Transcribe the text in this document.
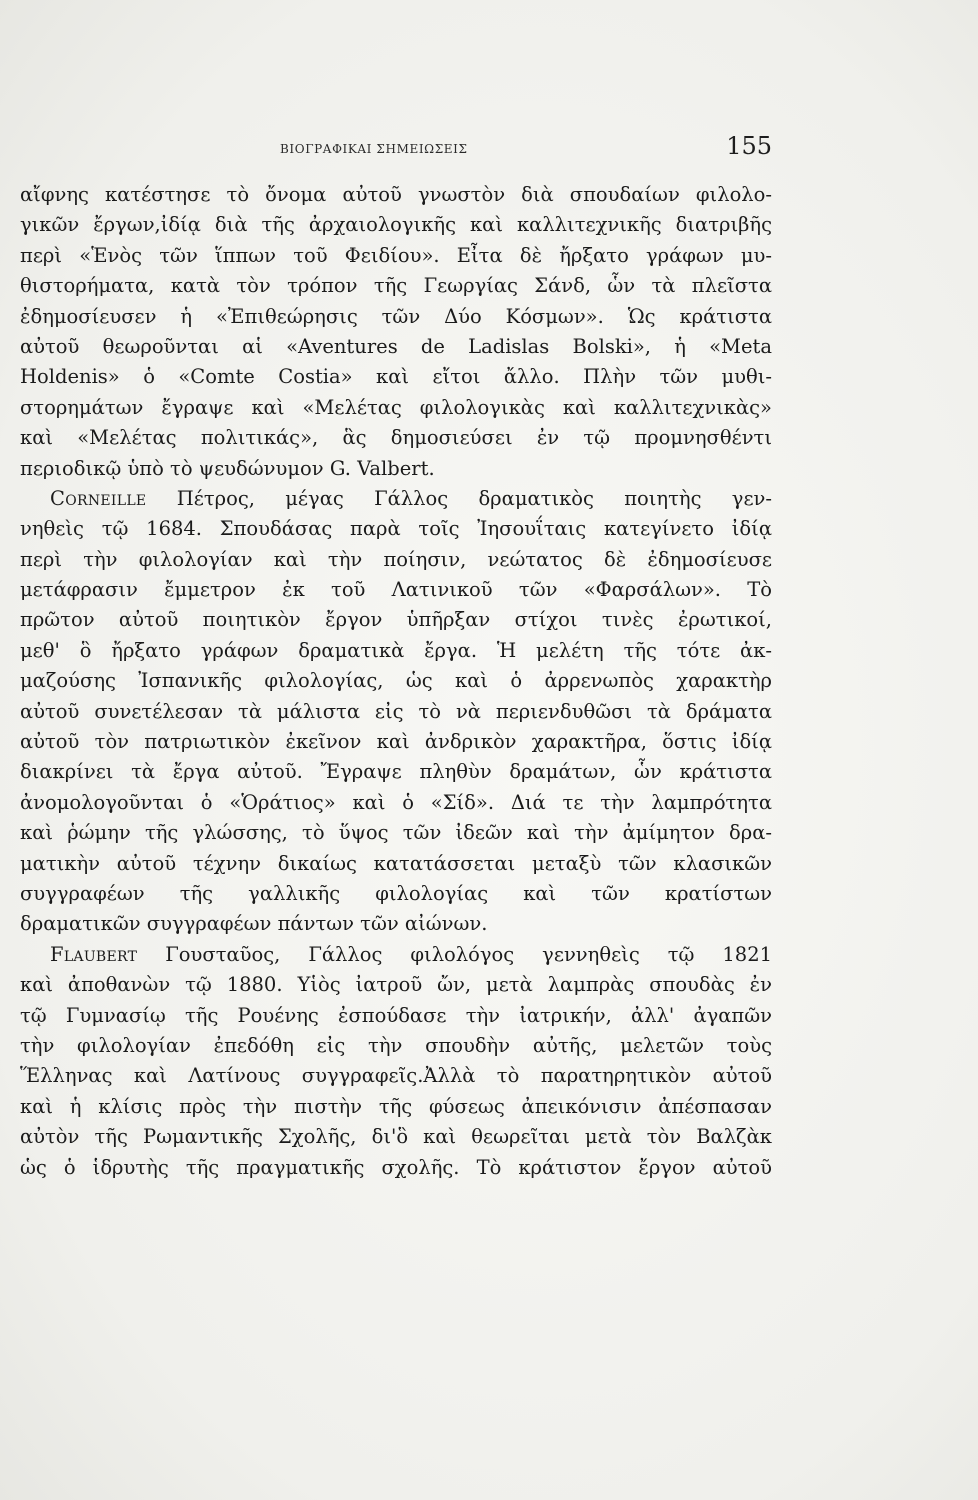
ΒΙΟΓΡΑΦΙΚΑΙ ΣΗΜΕΙΩΣΕΙΣ	155
αἴφνης κατέστησε τὸ ὄνομα αὐτοῦ γνωστὸν διὰ σπουδαίων φιλολο-
γικῶν ἔργων,ἰδίᾳ διὰ τῆς ἀρχαιολογικῆς καὶ καλλιτεχνικῆς διατριβῆς
περὶ «Ἑνὸς τῶν ἵππων τοῦ Φειδίου». Εἶτα δὲ ἤρξατο γράφων μυ-
θιστορήματα, κατὰ τὸν τρόπον τῆς Γεωργίας Σάνδ, ὧν τὰ πλεῖστα
ἐδημοσίευσεν ἡ «Ἐπιθεώρησις τῶν Δύο Κόσμων». Ὡς κράτιστα
αὐτοῦ θεωροῦνται αἱ «Aventures de Ladislas Bolski», ἡ «Meta
Holdenis» ὁ «Comte Costia» καὶ εἴτοι ἄλλο. Πλὴν τῶν μυθι-
στορημάτων ἔγραψε καὶ «Μελέτας φιλολογικὰς καὶ καλλιτεχνικὰς»
καὶ «Μελέτας πολιτικάς», ἃς δημοσιεύσει ἐν τῷ προμνησθέντι
περιοδικῷ ὑπὸ τὸ ψευδώνυμον G. Valbert.
Corneille Πέτρος, μέγας Γάλλος δραματικὸς ποιητὴς γεν-
νηθεὶς τῷ 1684. Σπουδάσας παρὰ τοῖς Ἰησουΐταις κατεγίνετο ἰδίᾳ
περὶ τὴν φιλολογίαν καὶ τὴν ποίησιν, νεώτατος δὲ ἐδημοσίευσε
μετάφρασιν ἔμμετρον ἐκ τοῦ Λατινικοῦ τῶν «Φαρσάλων». Τὸ
πρῶτον αὐτοῦ ποιητικὸν ἔργον ὑπῆρξαν στίχοι τινὲς ἐρωτικοί,
μεθ' ὃ ἤρξατο γράφων δραματικὰ ἔργα. Ἡ μελέτη τῆς τότε ἀκ-
μαζούσης Ἰσπανικῆς φιλολογίας, ὡς καὶ ὁ ἀρρενωπὸς χαρακτὴρ
αὐτοῦ συνετέλεσαν τὰ μάλιστα εἰς τὸ νὰ περιενδυθῶσι τὰ δράματα
αὐτοῦ τὸν πατριωτικὸν ἐκεῖνον καὶ ἀνδρικὸν χαρακτῆρα, ὅστις ἰδίᾳ
διακρίνει τὰ ἔργα αὐτοῦ. Ἔγραψε πληθὺν δραμάτων, ὧν κράτιστα
ἀνομολογοῦνται ὁ «Ὁράτιος» καὶ ὁ «Σίδ». Διά τε τὴν λαμπρότητα
καὶ ῥώμην τῆς γλώσσης, τὸ ὕψος τῶν ἰδεῶν καὶ τὴν ἀμίμητον δρα-
ματικὴν αὐτοῦ τέχνην δικαίως κατατάσσεται μεταξὺ τῶν κλασικῶν
συγγραφέων τῆς γαλλικῆς φιλολογίας καὶ τῶν κρατίστων
δραματικῶν συγγραφέων πάντων τῶν αἰώνων.
Flaubert Γουσταῦος, Γάλλος φιλολόγος γεννηθεὶς τῷ 1821
καὶ ἀποθανὼν τῷ 1880. Υἱὸς ἰατροῦ ὤν, μετὰ λαμπρὰς σπουδὰς ἐν
τῷ Γυμνασίῳ τῆς Ρουένης ἐσπούδασε τὴν ἰατρικήν, ἀλλ' ἀγαπῶν
τὴν φιλολογίαν ἐπεδόθη εἰς τὴν σπουδὴν αὐτῆς, μελετῶν τοὺς
Ἕλληνας καὶ Λατίνους συγγραφεῖς.Ἀλλὰ τὸ παρατηρητικὸν αὐτοῦ
καὶ ἡ κλίσις πρὸς τὴν πιστὴν τῆς φύσεως ἀπεικόνισιν ἀπέσπασαν
αὐτὸν τῆς Ρωμαντικῆς Σχολῆς, δι'ὃ καὶ θεωρεῖται μετὰ τὸν Βαλζὰκ
ὡς ὁ ἱδρυτὴς τῆς πραγματικῆς σχολῆς. Τὸ κράτιστον ἔργον αὐτοῦ
